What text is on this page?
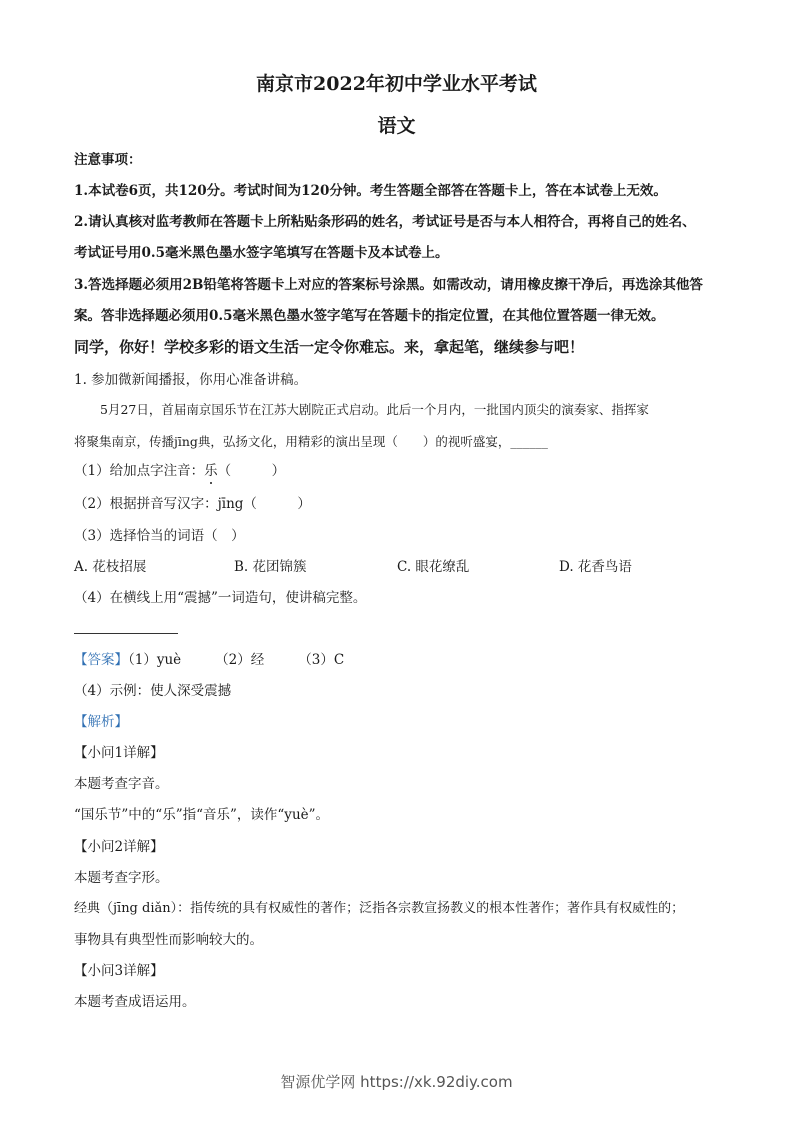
南京市2022年初中学业水平考试
语文
注意事项：
1.本试卷6页，共120分。考试时间为120分钟。考生答题全部答在答题卡上，答在本试卷上无效。
2.请认真核对监考教师在答题卡上所粘贴条形码的姓名，考试证号是否与本人相符合，再将自己的姓名、
考试证号用0.5毫米黑色墨水签字笔填写在答题卡及本试卷上。
3.答选择题必须用2B铅笔将答题卡上对应的答案标号涂黑。如需改动，请用橡皮擦干净后，再选涂其他答
案。答非选择题必须用0.5毫米黑色墨水签字笔写在答题卡的指定位置，在其他位置答题一律无效。
同学，你好！学校多彩的语文生活一定令你难忘。来，拿起笔，继续参与吧！
1. 参加微新闻播报，你用心准备讲稿。
5月27日，首届南京国乐节在江苏大剧院正式启动。此后一个月内，一批国内顶尖的演奏家、指挥家
将聚集南京，传播jīng典，弘扬文化，用精彩的演出呈现（　　）的视听盛宴，______
（1）给加点字注音：乐（　　　）
（2）根据拼音写汉字：jīng（　　　）
（3）选择恰当的词语（　）
A. 花枝招展	B. 花团锦簇	C. 眼花缭乱	D. 花香鸟语
（4）在横线上用“震撼”一词造句，使讲稿完整。
【答案】（1）yuè	（2）经	（3）C
（4）示例：使人深受震撼
【解析】
【小问1详解】
本题考查字音。
“国乐节”中的“乐”指“音乐”，读作“yuè”。
【小问2详解】
本题考查字形。
经典（jīng diǎn）：指传统的具有权威性的著作；泛指各宗教宣扬教义的根本性著作；著作具有权威性的；
事物具有典型性而影响较大的。
【小问3详解】
本题考查成语运用。
智源优学网 https://xk.92diy.com
